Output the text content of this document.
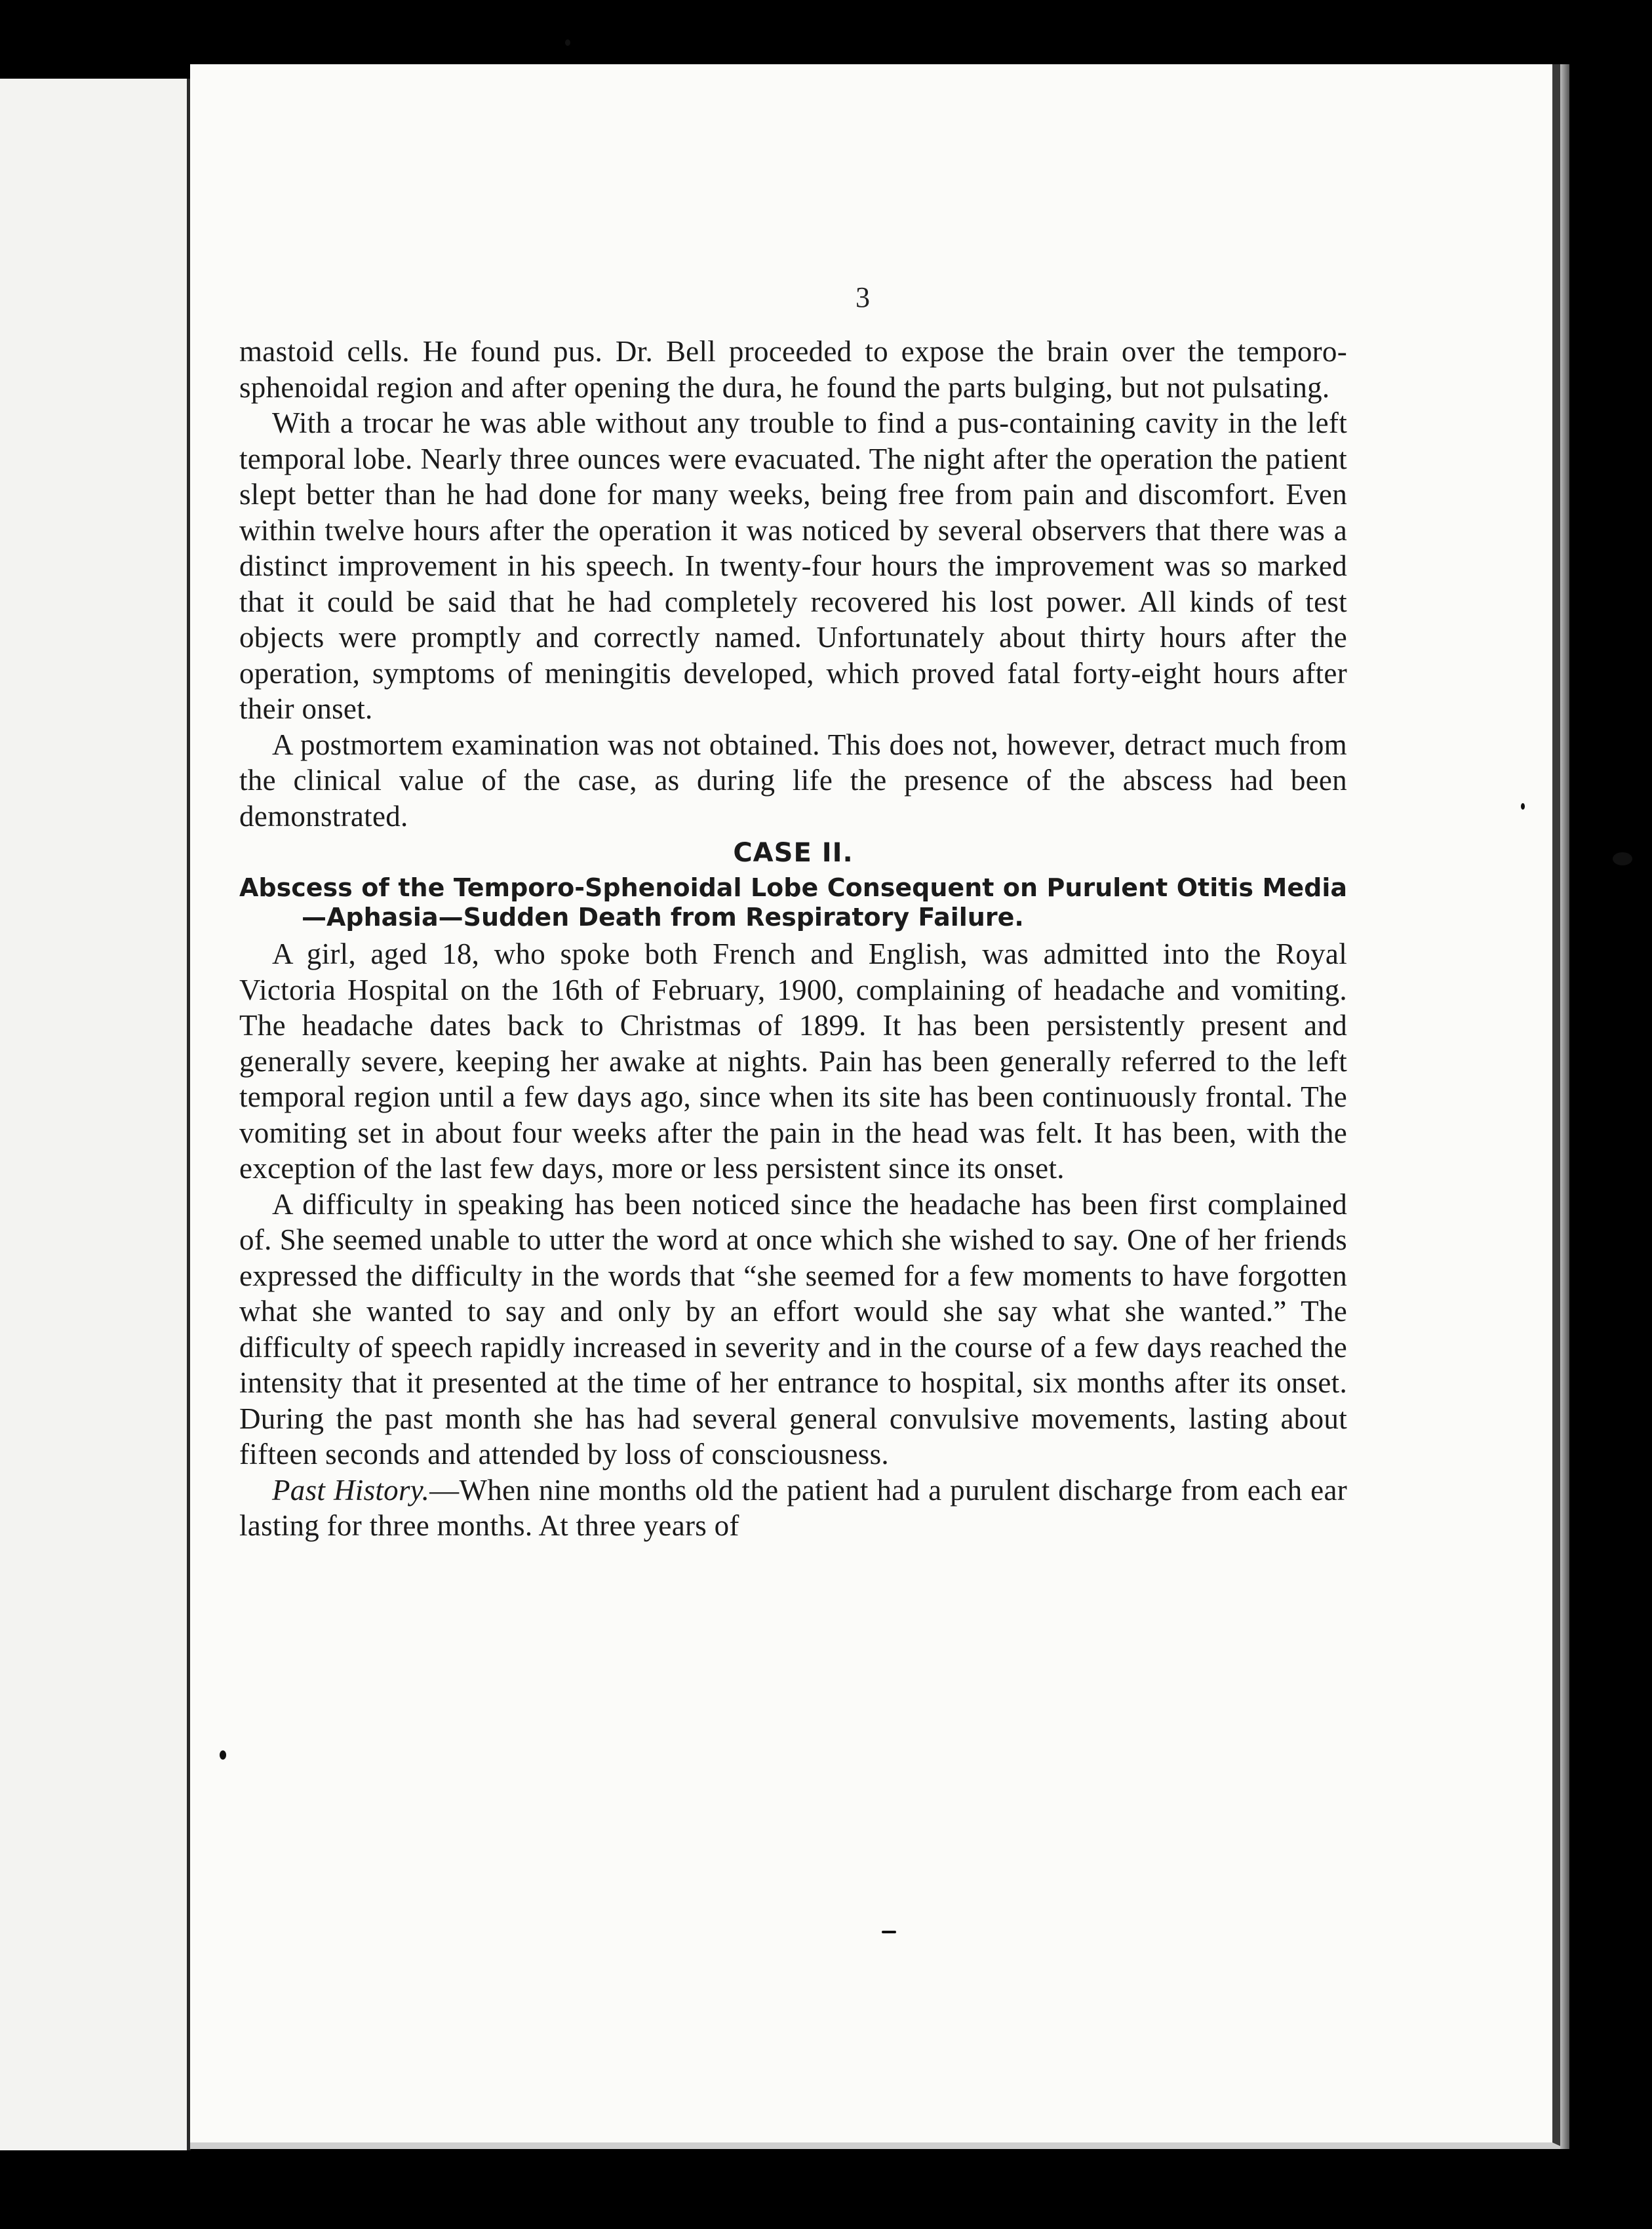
3

mastoid cells. He found pus. Dr. Bell proceeded to expose the brain over the temporo-sphenoidal region and after opening the dura, he found the parts bulging, but not pulsating.

With a trocar he was able without any trouble to find a pus-containing cavity in the left temporal lobe. Nearly three ounces were evacuated. The night after the operation the patient slept better than he had done for many weeks, being free from pain and discomfort. Even within twelve hours after the operation it was noticed by several observers that there was a distinct improvement in his speech. In twenty-four hours the improvement was so marked that it could be said that he had completely recovered his lost power. All kinds of test objects were promptly and correctly named. Unfortunately about thirty hours after the operation, symptoms of meningitis developed, which proved fatal forty-eight hours after their onset.

A postmortem examination was not obtained. This does not, however, detract much from the clinical value of the case, as during life the presence of the abscess had been demonstrated.

CASE II.
Abscess of the Temporo-Sphenoidal Lobe Consequent on Purulent Otitis Media—Aphasia—Sudden Death from Respiratory Failure.

A girl, aged 18, who spoke both French and English, was admitted into the Royal Victoria Hospital on the 16th of February, 1900, complaining of headache and vomiting. The headache dates back to Christmas of 1899. It has been persistently present and generally severe, keeping her awake at nights. Pain has been generally referred to the left temporal region until a few days ago, since when its site has been continuously frontal. The vomiting set in about four weeks after the pain in the head was felt. It has been, with the exception of the last few days, more or less persistent since its onset.

A difficulty in speaking has been noticed since the headache has been first complained of. She seemed unable to utter the word at once which she wished to say. One of her friends expressed the difficulty in the words that “she seemed for a few moments to have forgotten what she wanted to say and only by an effort would she say what she wanted.” The difficulty of speech rapidly increased in severity and in the course of a few days reached the intensity that it presented at the time of her entrance to hospital, six months after its onset. During the past month she has had several general convulsive movements, lasting about fifteen seconds and attended by loss of consciousness.

Past History.—When nine months old the patient had a purulent discharge from each ear lasting for three months. At three years of
